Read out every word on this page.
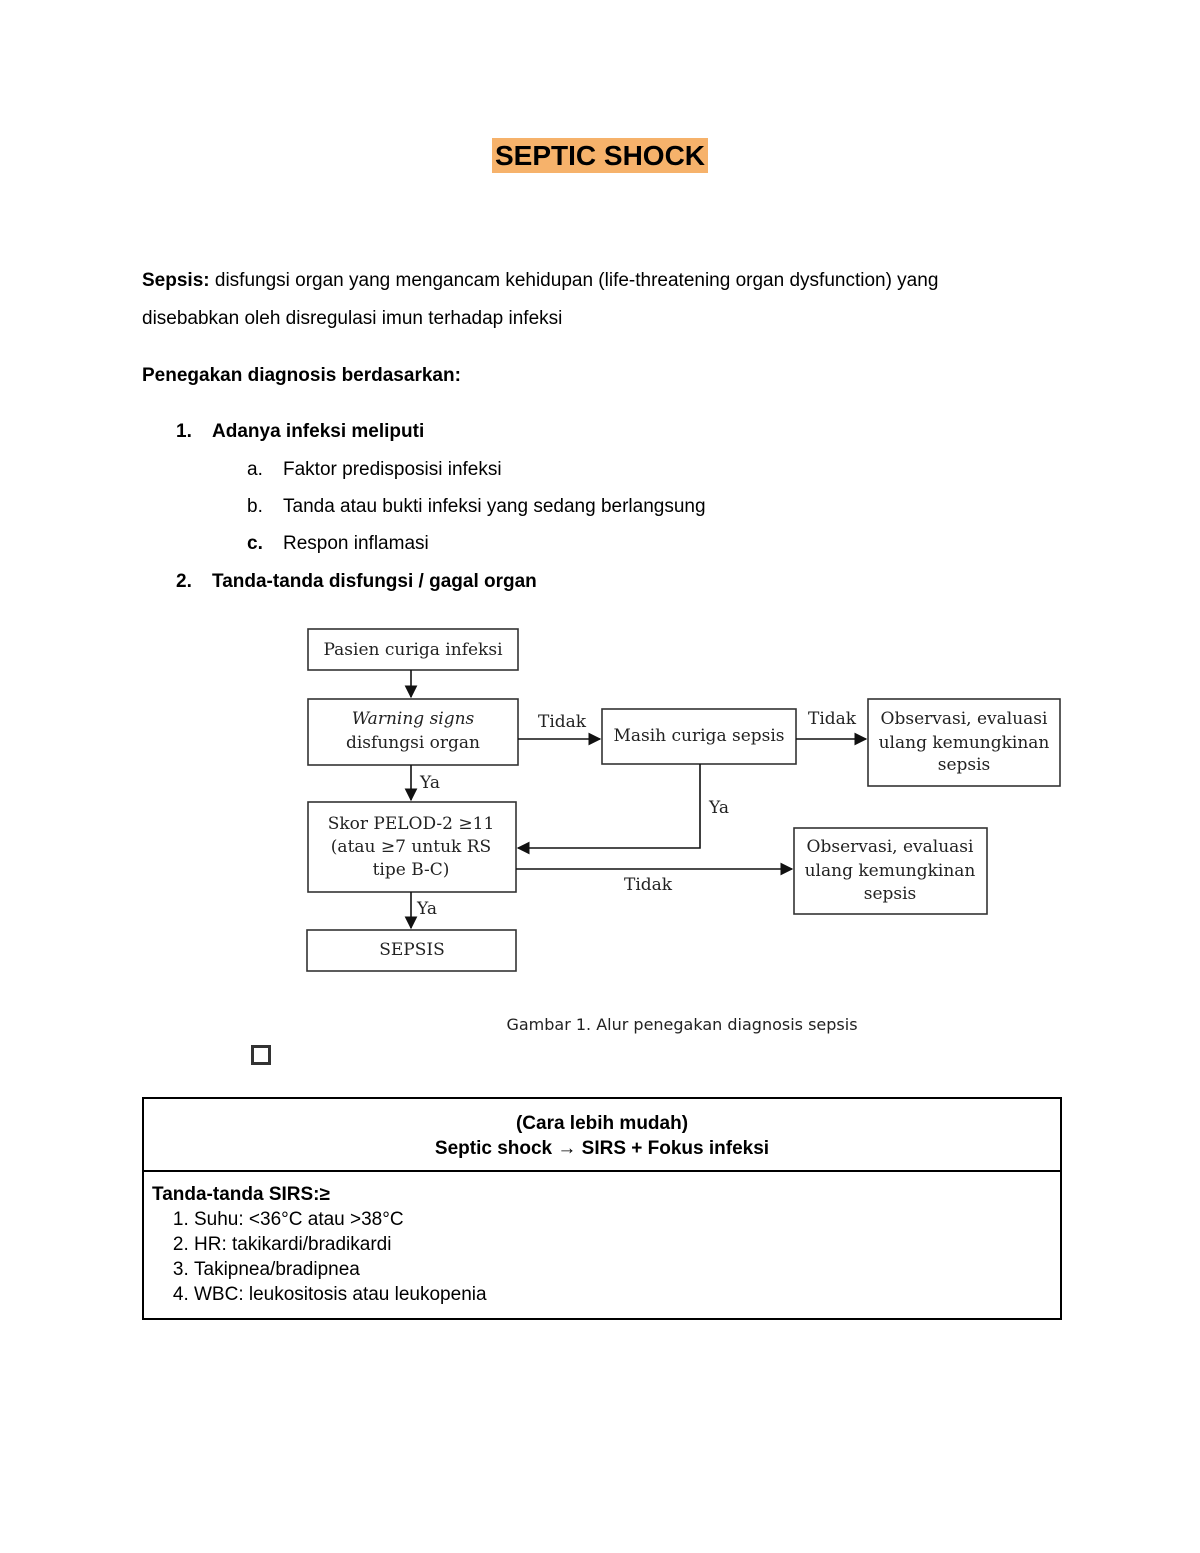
SEPTIC SHOCK
Sepsis: disfungsi organ yang mengancam kehidupan (life-threatening organ dysfunction) yang
disebabkan oleh disregulasi imun terhadap infeksi
Penegakan diagnosis berdasarkan:
1. Adanya infeksi meliputi
a. Faktor predisposisi infeksi
b. Tanda atau bukti infeksi yang sedang berlangsung
c. Respon inflamasi
2. Tanda-tanda disfungsi / gagal organ
Pasien curiga infeksi
Warning signs
disfungsi organ	Masih curiga sepsis
Observasi, evaluasi
ulang kemungkinan
sepsis
Skor PELOD-2 ≥11
(atau ≥7 untuk RS
tipe B-C)
Observasi, evaluasi
ulang kemungkinan
sepsis
SEPSIS
Tidak	Tidak
Tidak
Ya
Ya
Ya
Gambar 1. Alur penegakan diagnosis sepsis
(Cara lebih mudah)
Septic shock → SIRS + Fokus infeksi
Tanda-tanda SIRS:≥
1. Suhu: <36°C atau >38°C
2. HR: takikardi/bradikardi
3. Takipnea/bradipnea
4. WBC: leukositosis atau leukopenia
